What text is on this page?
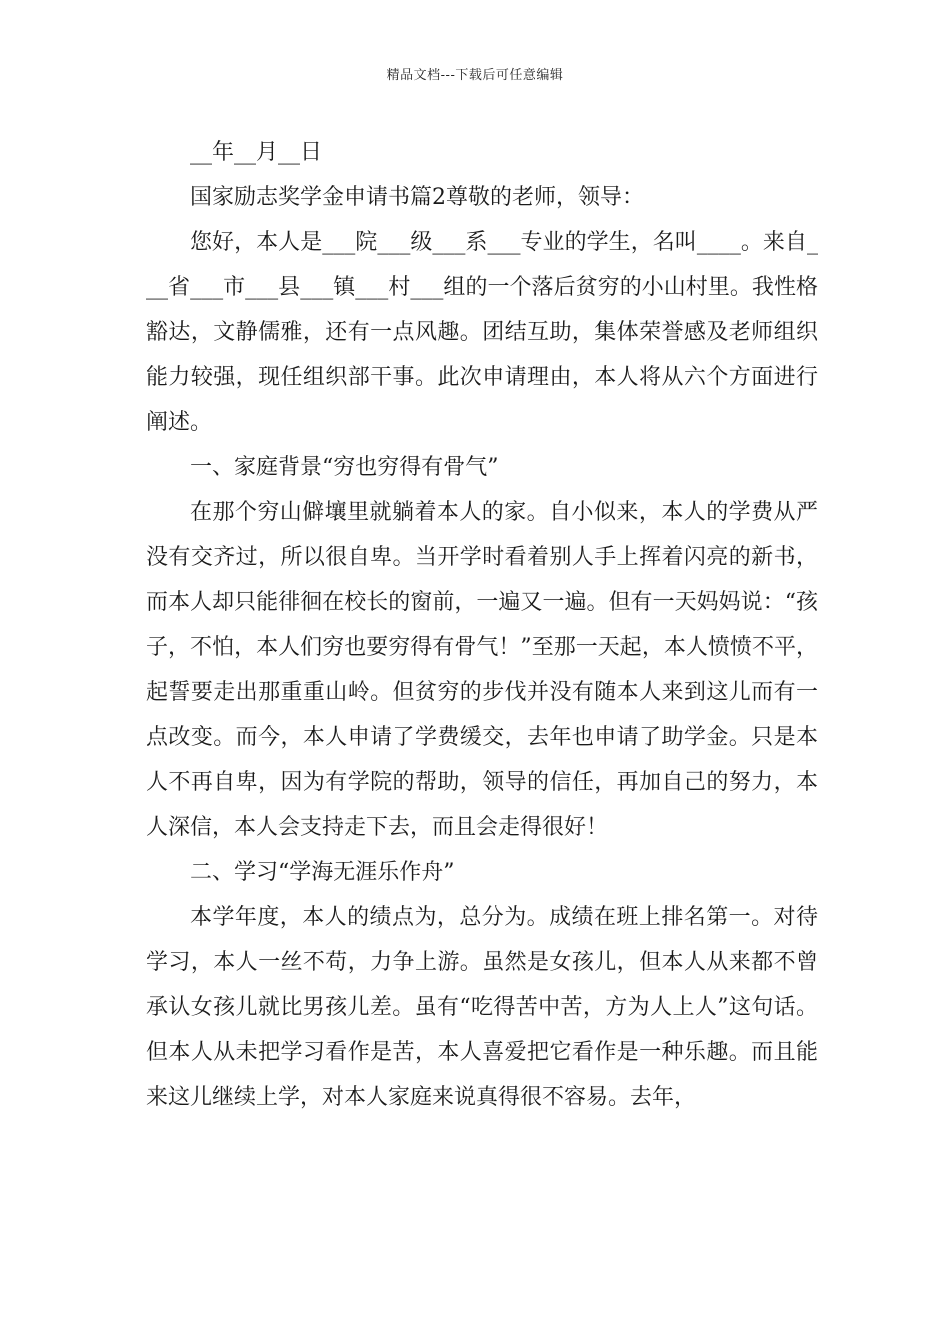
精品文档---下载后可任意编辑

__年__月__日

国家励志奖学金申请书篇2尊敬的老师，领导：

您好，本人是___院___级___系___专业的学生，名叫____。来自___省___市___县___镇___村___组的一个落后贫穷的小山村里。我性格豁达，文静儒雅，还有一点风趣。团结互助，集体荣誉感及老师组织能力较强，现任组织部干事。此次申请理由，本人将从六个方面进行阐述。

一、家庭背景“穷也穷得有骨气”

在那个穷山僻壤里就躺着本人的家。自小似来，本人的学费从严没有交齐过，所以很自卑。当开学时看着别人手上挥着闪亮的新书，而本人却只能徘徊在校长的窗前，一遍又一遍。但有一天妈妈说：“孩子，不怕，本人们穷也要穷得有骨气！”至那一天起，本人愤愤不平，起誓要走出那重重山岭。但贫穷的步伐并没有随本人来到这儿而有一点改变。而今，本人申请了学费缓交，去年也申请了助学金。只是本人不再自卑，因为有学院的帮助，领导的信任，再加自己的努力，本人深信，本人会支持走下去，而且会走得很好！

二、学习“学海无涯乐作舟”

本学年度，本人的绩点为，总分为。成绩在班上排名第一。对待学习，本人一丝不苟，力争上游。虽然是女孩儿，但本人从来都不曾承认女孩儿就比男孩儿差。虽有“吃得苦中苦，方为人上人”这句话。但本人从未把学习看作是苦，本人喜爱把它看作是一种乐趣。而且能来这儿继续上学，对本人家庭来说真得很不容易。去年，
